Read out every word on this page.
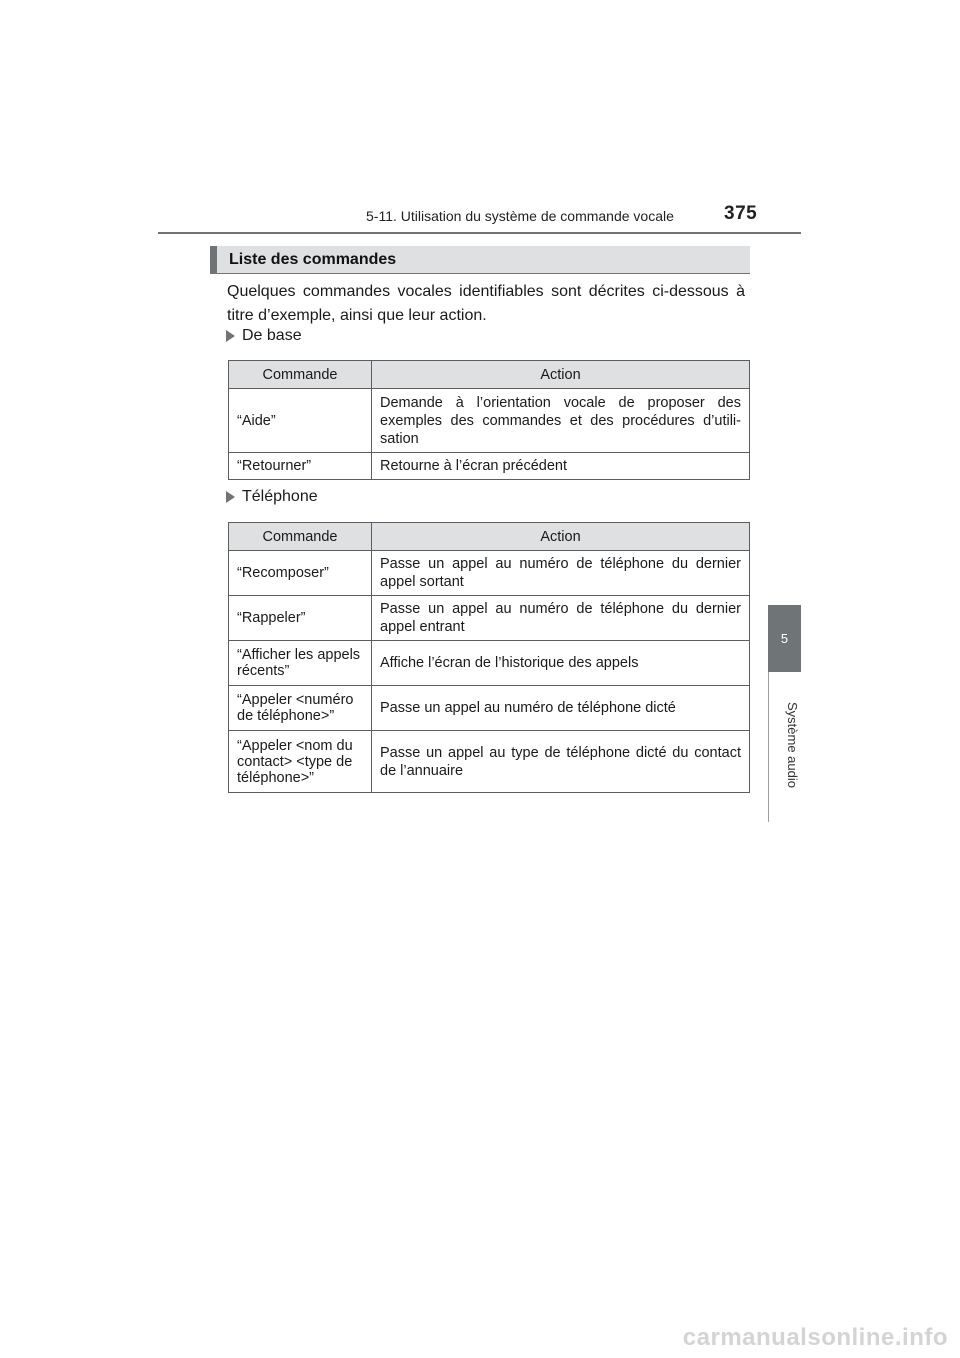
5-11. Utilisation du système de commande vocale	375
5
Système audio
Liste des commandes
Quelques commandes vocales identifiables sont décrites ci-dessous à titre d’exemple, ainsi que leur action.
De base
Commande	Action
“Aide”	Demande à l’orientation vocale de proposer des exemples des commandes et des procédures d’utili-sation
“Retourner”	Retourne à l’écran précédent
Téléphone
Commande	Action
“Recomposer”	Passe un appel au numéro de téléphone du dernier appel sortant
“Rappeler”	Passe un appel au numéro de téléphone du dernier appel entrant
“Afficher les appels récents”	Affiche l’écran de l’historique des appels
“Appeler <numéro de téléphone>”	Passe un appel au numéro de téléphone dicté
“Appeler <nom du contact> <type de téléphone>”	Passe un appel au type de téléphone dicté du contact de l’annuaire
carmanualsonline.info
